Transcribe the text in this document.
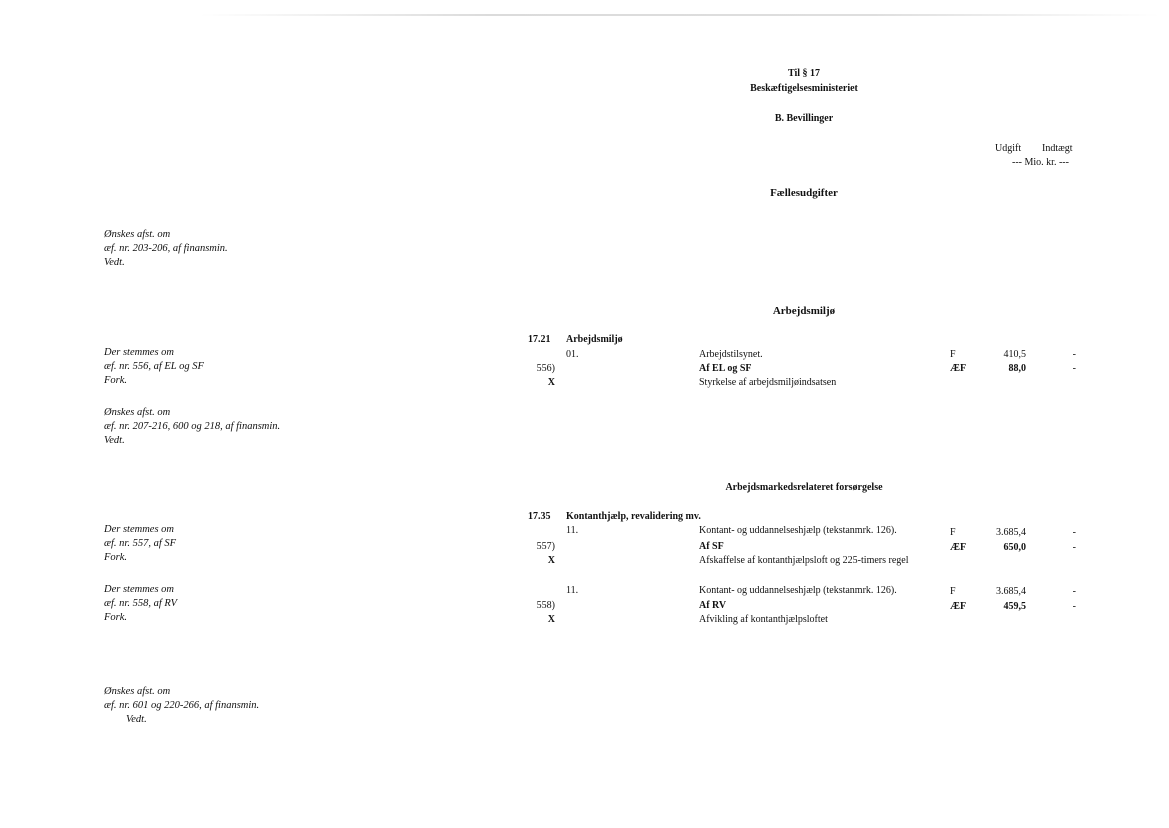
Til § 17
Beskæftigelsesministeriet
B. Bevillinger
Udgift Indtægt
--- Mio. kr. ---
Fællesudgifter
Arbejdsmiljø
Arbejdsmarkedsrelateret forsørgelse
Ønskes afst. om
æf. nr. 203-206, af finansmin.
Vedt.
Der stemmes om
æf. nr. 556, af EL og SF
Fork.
Ønskes afst. om
æf. nr. 207-216, 600 og 218, af finansmin.
Vedt.
Der stemmes om
æf. nr. 557, af SF
Fork.
Der stemmes om
æf. nr. 558, af RV
Fork.
Ønskes afst. om
æf. nr. 601 og 220-266, af finansmin.
Vedt.
17.21 Arbejdsmiljø
01.	Arbejdstilsynet.	F	410,5	-
556)	Af EL og SF	ÆF	88,0	-
X	Styrkelse af arbejdsmiljøindsatsen
17.35 Kontanthjælp, revalidering mv.
11.	Kontant- og uddannelseshjælp (tekstanmrk. 126).	F	3.685,4	-
557)	Af SF	ÆF	650,0	-
X	Afskaffelse af kontanthjælpsloft og 225-timers regel
11.	Kontant- og uddannelseshjælp (tekstanmrk. 126).	F	3.685,4	-
558)	Af RV	ÆF	459,5	-
X	Afvikling af kontanthjælpsloftet
